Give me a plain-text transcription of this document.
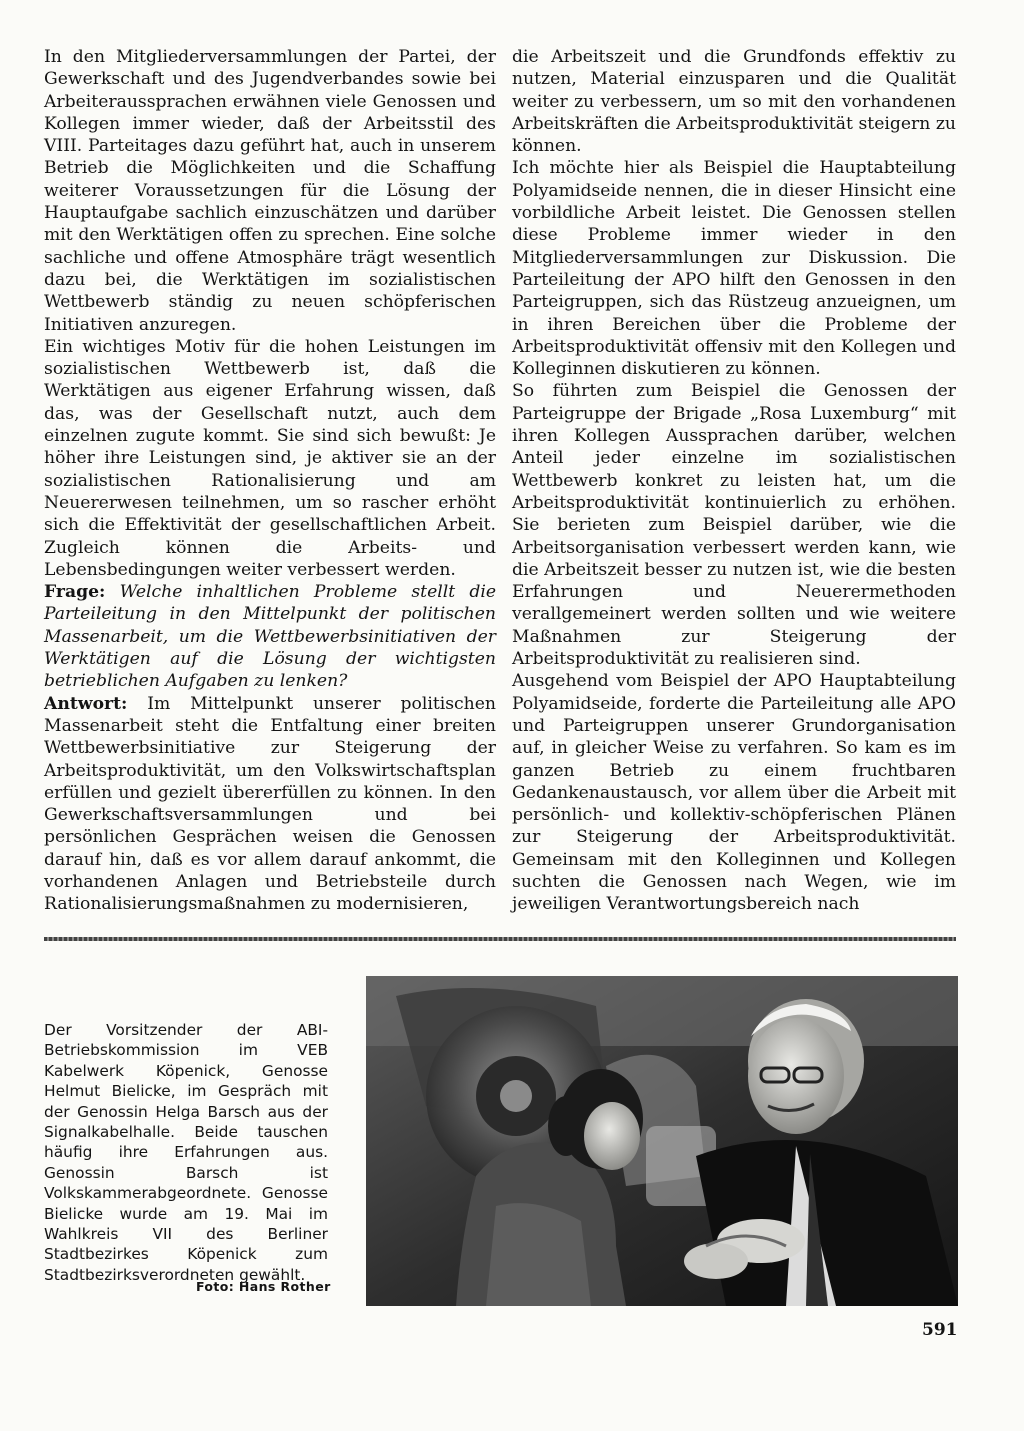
In den Mitgliederversammlungen der Partei, der Gewerkschaft und des Jugendverbandes sowie bei Arbeiteraussprachen erwähnen viele Genossen und Kollegen immer wieder, daß der Arbeitsstil des VIII. Parteitages dazu geführt hat, auch in unserem Betrieb die Möglichkeiten und die Schaffung weiterer Voraussetzungen für die Lösung der Hauptaufgabe sachlich einzuschätzen und darüber mit den Werktätigen offen zu sprechen. Eine solche sachliche und offene Atmosphäre trägt wesentlich dazu bei, die Werktätigen im sozialistischen Wettbewerb ständig zu neuen schöpferischen Initiativen anzuregen.

Ein wichtiges Motiv für die hohen Leistungen im sozialistischen Wettbewerb ist, daß die Werktätigen aus eigener Erfahrung wissen, daß das, was der Gesellschaft nutzt, auch dem einzelnen zugute kommt. Sie sind sich bewußt: Je höher ihre Leistungen sind, je aktiver sie an der sozialistischen Rationalisierung und am Neuererwesen teilnehmen, um so rascher erhöht sich die Effektivität der gesellschaftlichen Arbeit. Zugleich können die Arbeits- und Lebensbedingungen weiter verbessert werden.

Frage: Welche inhaltlichen Probleme stellt die Parteileitung in den Mittelpunkt der politischen Massenarbeit, um die Wettbewerbsinitiativen der Werktätigen auf die Lösung der wichtigsten betrieblichen Aufgaben zu lenken?

Antwort: Im Mittelpunkt unserer politischen Massenarbeit steht die Entfaltung einer breiten Wettbewerbsinitiative zur Steigerung der Arbeitsproduktivität, um den Volkswirtschaftsplan erfüllen und gezielt übererfüllen zu können. In den Gewerkschaftsversammlungen und bei persönlichen Gesprächen weisen die Genossen darauf hin, daß es vor allem darauf ankommt, die vorhandenen Anlagen und Betriebsteile durch Rationalisierungsmaßnahmen zu modernisieren,

die Arbeitszeit und die Grundfonds effektiv zu nutzen, Material einzusparen und die Qualität weiter zu verbessern, um so mit den vorhandenen Arbeitskräften die Arbeitsproduktivität steigern zu können.

Ich möchte hier als Beispiel die Hauptabteilung Polyamidseide nennen, die in dieser Hinsicht eine vorbildliche Arbeit leistet. Die Genossen stellen diese Probleme immer wieder in den Mitgliederversammlungen zur Diskussion. Die Parteileitung der APO hilft den Genossen in den Parteigruppen, sich das Rüstzeug anzueignen, um in ihren Bereichen über die Probleme der Arbeitsproduktivität offensiv mit den Kollegen und Kolleginnen diskutieren zu können.

So führten zum Beispiel die Genossen der Parteigruppe der Brigade „Rosa Luxemburg“ mit ihren Kollegen Aussprachen darüber, welchen Anteil jeder einzelne im sozialistischen Wettbewerb konkret zu leisten hat, um die Arbeitsproduktivität kontinuierlich zu erhöhen. Sie berieten zum Beispiel darüber, wie die Arbeitsorganisation verbessert werden kann, wie die Arbeitszeit besser zu nutzen ist, wie die besten Erfahrungen und Neuerermethoden verallgemeinert werden sollten und wie weitere Maßnahmen zur Steigerung der Arbeitsproduktivität zu realisieren sind.

Ausgehend vom Beispiel der APO Hauptabteilung Polyamidseide, forderte die Parteileitung alle APO und Parteigruppen unserer Grundorganisation auf, in gleicher Weise zu verfahren. So kam es im ganzen Betrieb zu einem fruchtbaren Gedankenaustausch, vor allem über die Arbeit mit persönlich- und kollektiv-schöpferischen Plänen zur Steigerung der Arbeitsproduktivität. Gemeinsam mit den Kolleginnen und Kollegen suchten die Genossen nach Wegen, wie im jeweiligen Verantwortungsbereich nach

Der Vorsitzender der ABI-Betriebskommission im VEB Kabelwerk Köpenick, Genosse Helmut Bielicke, im Gespräch mit der Genossin Helga Barsch aus der Signalkabelhalle. Beide tauschen häufig ihre Erfahrungen aus. Genossin Barsch ist Volkskammerabgeordnete. Genosse Bielicke wurde am 19. Mai im Wahlkreis VII des Berliner Stadtbezirkes Köpenick zum Stadtbezirksverordneten gewählt.
Foto: Hans Rother
591
